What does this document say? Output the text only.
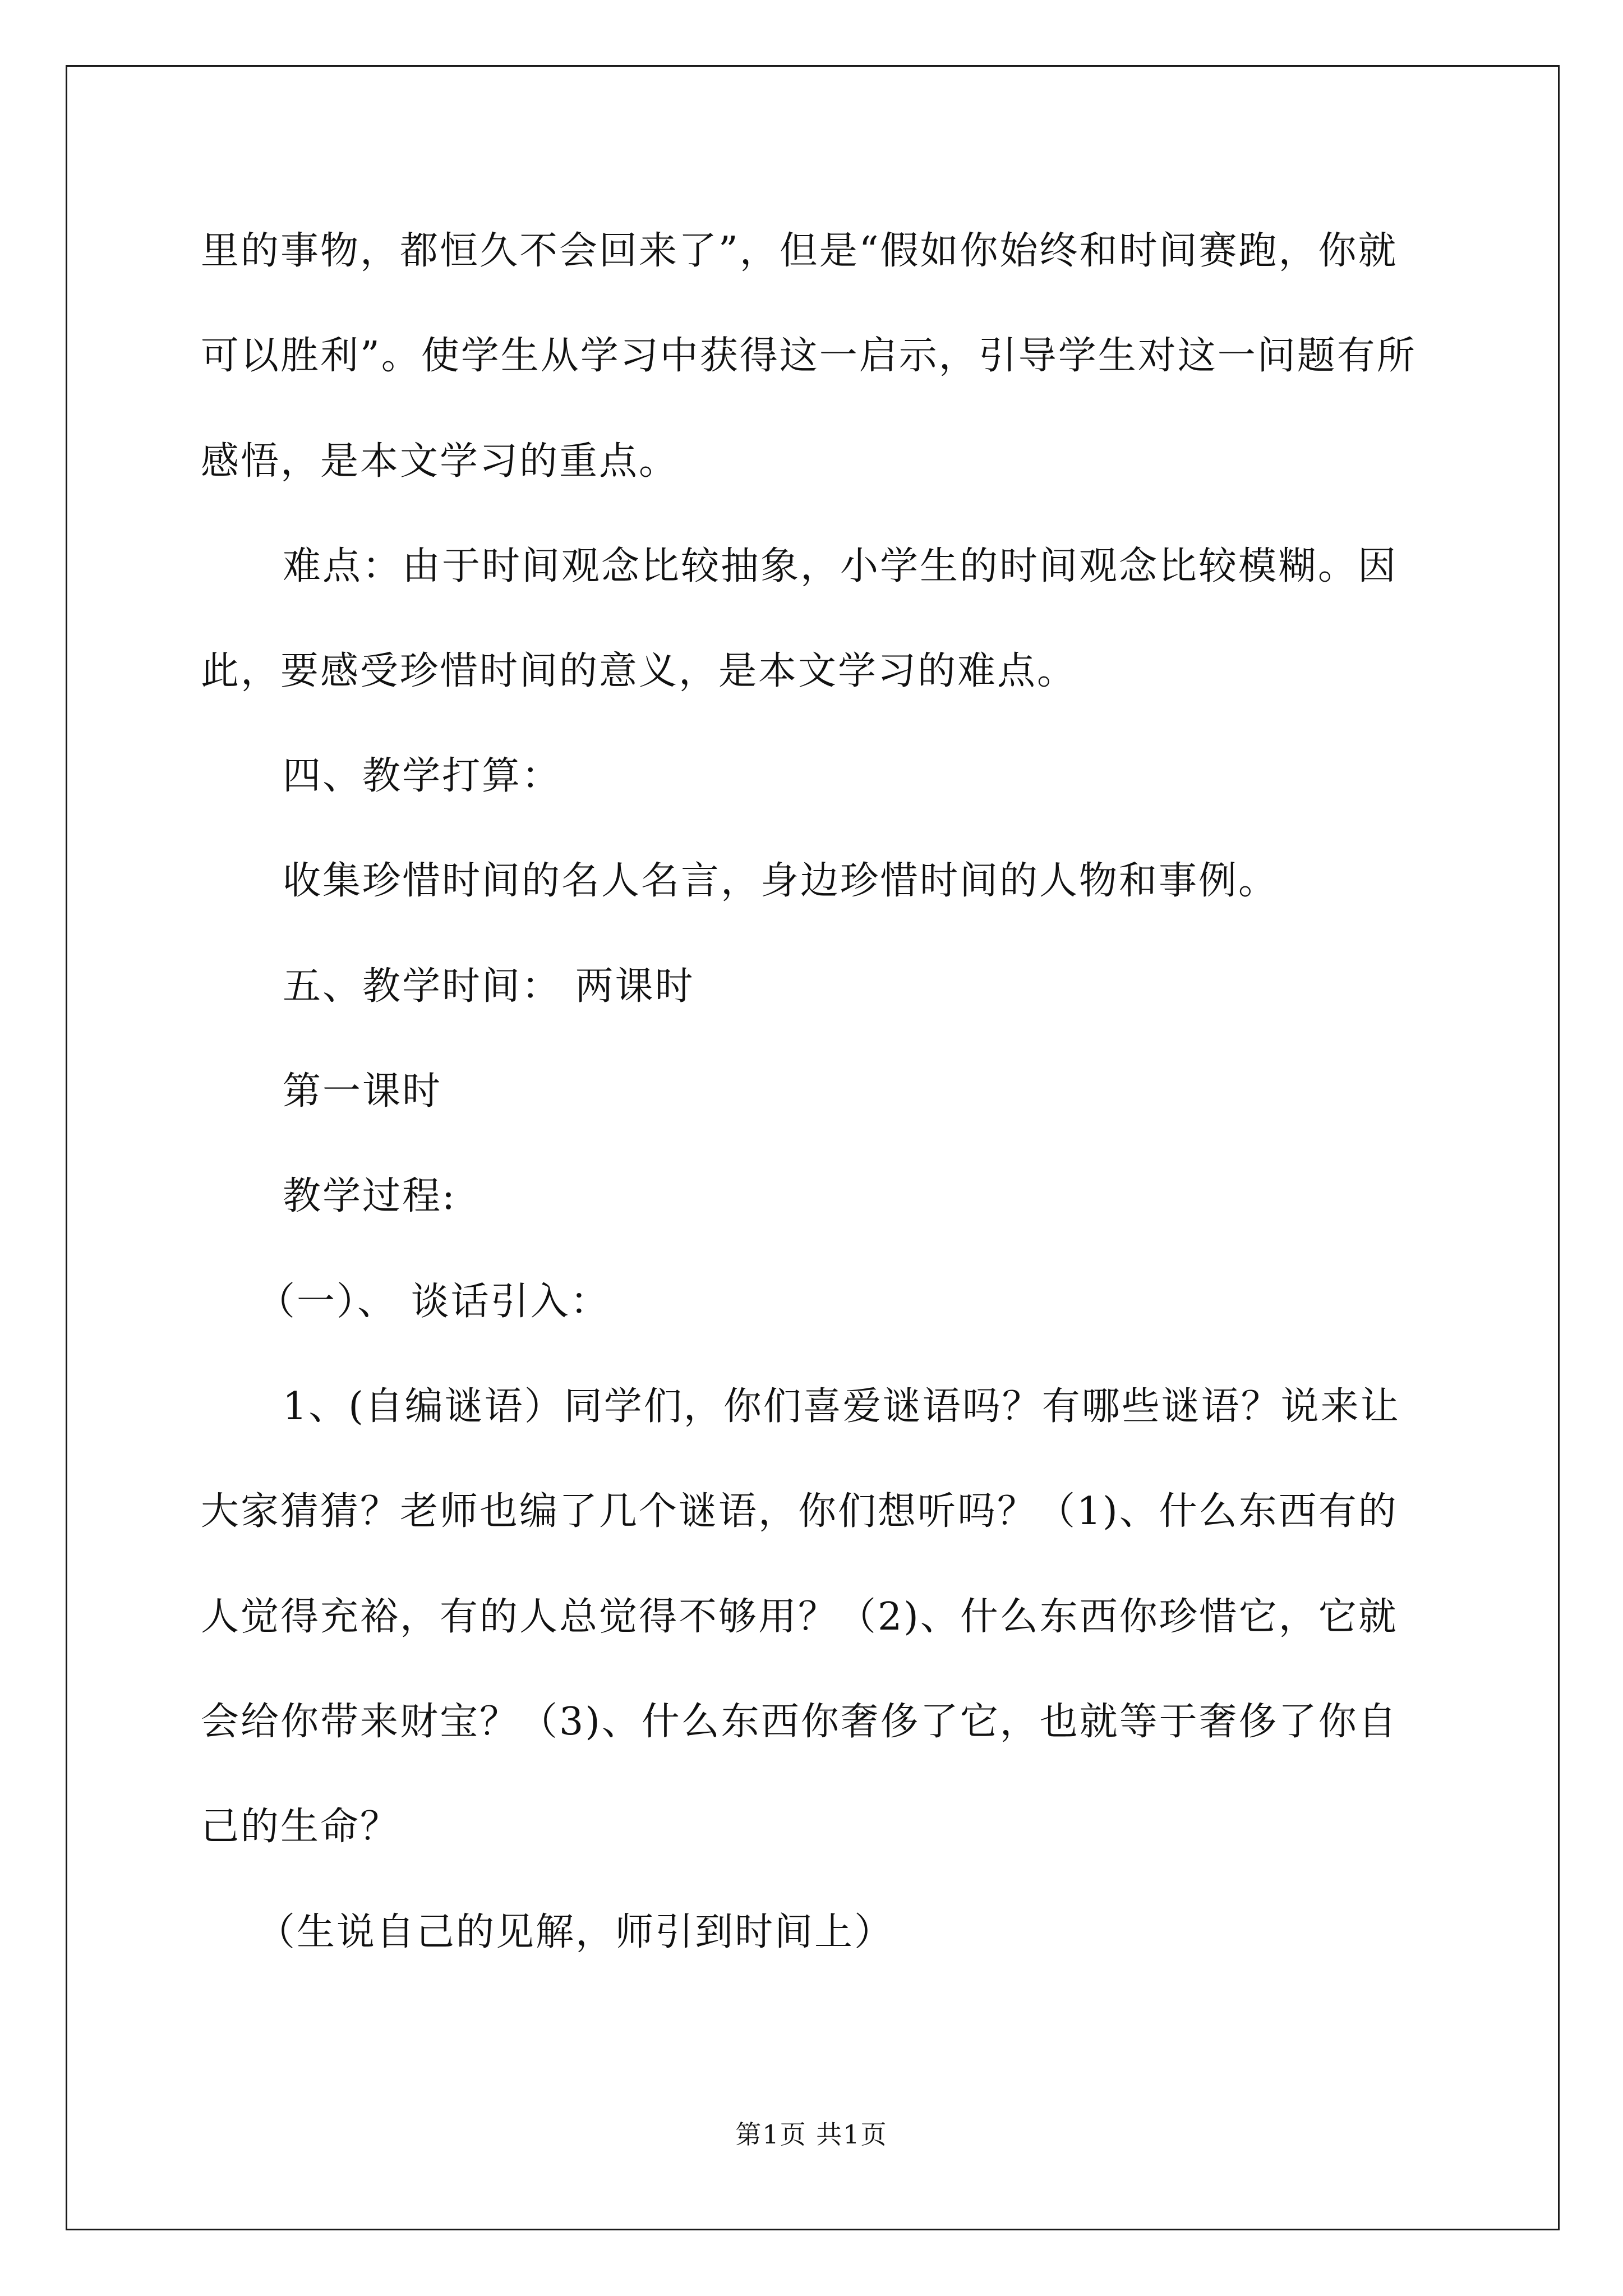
里的事物，都恒久不会回来了”，但是“假如你始终和时间赛跑，你就
可以胜利”。使学生从学习中获得这一启示，引导学生对这一问题有所
感悟，是本文学习的重点。
难点：由于时间观念比较抽象，小学生的时间观念比较模糊。因
此，要感受珍惜时间的意义，是本文学习的难点。
四、教学打算：
收集珍惜时间的名人名言，身边珍惜时间的人物和事例。
五、教学时间： 两课时
第一课时
教学过程:
（一）、 谈话引入：
1、(自编谜语）同学们，你们喜爱谜语吗？有哪些谜语？说来让
大家猜猜？老师也编了几个谜语，你们想听吗？（1)、什么东西有的
人觉得充裕，有的人总觉得不够用？（2)、什么东西你珍惜它，它就
会给你带来财宝？（3)、什么东西你奢侈了它，也就等于奢侈了你自
己的生命？
（生说自己的见解，师引到时间上）
第1页 共1页
